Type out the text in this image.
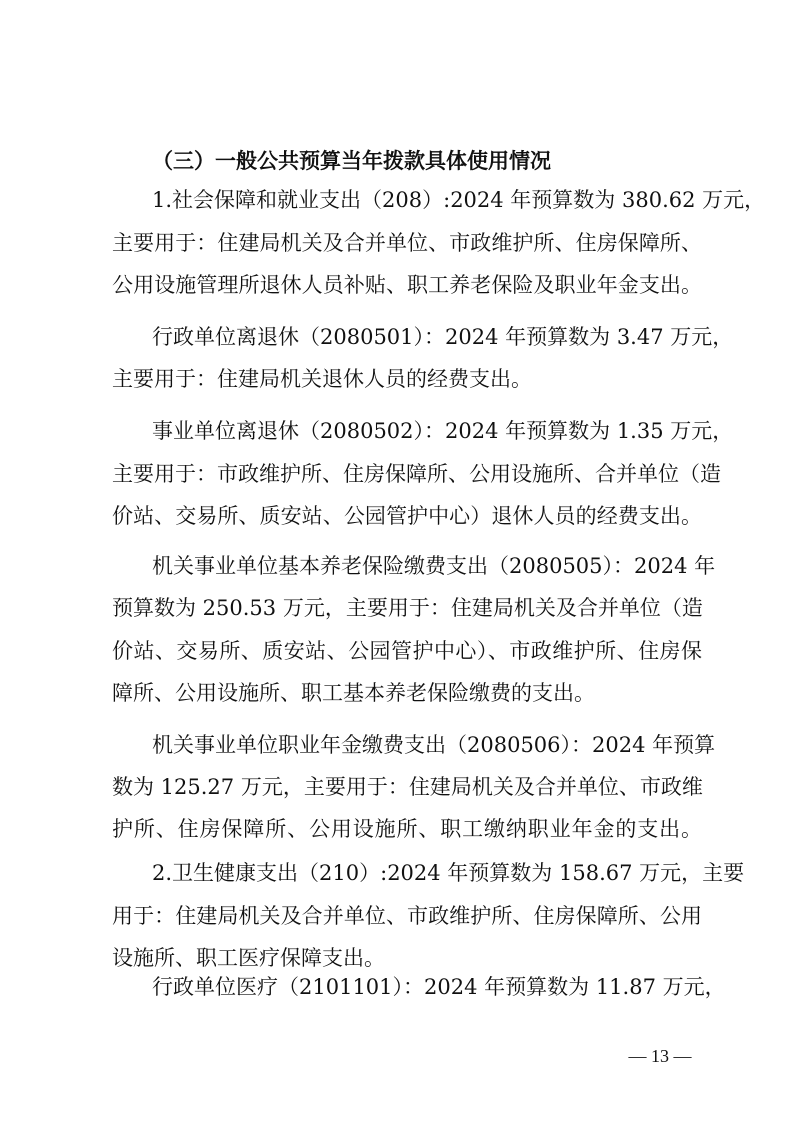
（三）一般公共预算当年拨款具体使用情况
1.社会保障和就业支出（208）:2024 年预算数为 380.62 万元，
主要用于：住建局机关及合并单位、市政维护所、住房保障所、
公用设施管理所退休人员补贴、职工养老保险及职业年金支出。
行政单位离退休（2080501）：2024 年预算数为 3.47 万元，
主要用于：住建局机关退休人员的经费支出。
事业单位离退休（2080502）：2024 年预算数为 1.35 万元，
主要用于：市政维护所、住房保障所、公用设施所、合并单位（造
价站、交易所、质安站、公园管护中心）退休人员的经费支出。
机关事业单位基本养老保险缴费支出（2080505）：2024 年
预算数为 250.53 万元，主要用于：住建局机关及合并单位（造
价站、交易所、质安站、公园管护中心）、市政维护所、住房保
障所、公用设施所、职工基本养老保险缴费的支出。
机关事业单位职业年金缴费支出（2080506）：2024 年预算
数为 125.27 万元，主要用于：住建局机关及合并单位、市政维
护所、住房保障所、公用设施所、职工缴纳职业年金的支出。
2.卫生健康支出（210）:2024 年预算数为 158.67 万元，主要
用于：住建局机关及合并单位、市政维护所、住房保障所、公用
设施所、职工医疗保障支出。
行政单位医疗（2101101）：2024 年预算数为 11.87 万元，
— 13 —
